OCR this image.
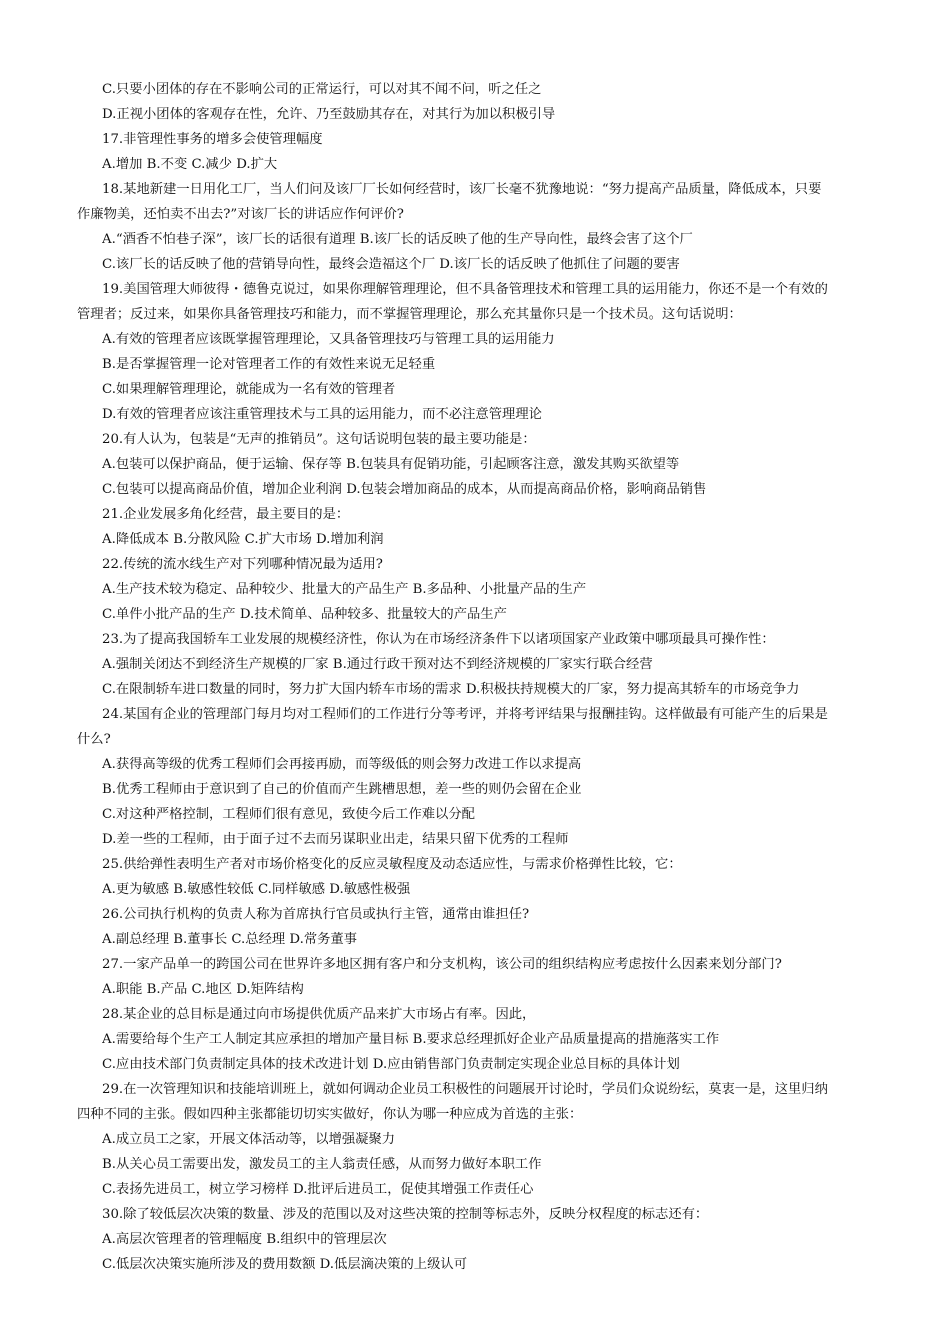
C.只要小团体的存在不影响公司的正常运行，可以对其不闻不问，听之任之
D.正视小团体的客观存在性，允许、乃至鼓励其存在，对其行为加以积极引导
17.非管理性事务的增多会使管理幅度
A.增加 B.不变 C.减少 D.扩大
18.某地新建一日用化工厂，当人们问及该厂厂长如何经营时，该厂长毫不犹豫地说：“努力提高产品质量，降低成本，只要
作廉物美，还怕卖不出去?”对该厂长的讲话应作何评价?
A.“酒香不怕巷子深”，该厂长的话很有道理 B.该厂长的话反映了他的生产导向性，最终会害了这个厂
C.该厂长的话反映了他的营销导向性，最终会造福这个厂 D.该厂长的话反映了他抓住了问题的要害
19.美国管理大师彼得・德鲁克说过，如果你理解管理理论，但不具备管理技术和管理工具的运用能力，你还不是一个有效的
管理者；反过来，如果你具备管理技巧和能力，而不掌握管理理论，那么充其量你只是一个技术员。这句话说明：
A.有效的管理者应该既掌握管理理论，又具备管理技巧与管理工具的运用能力
B.是否掌握管理一论对管理者工作的有效性来说无足轻重
C.如果理解管理理论，就能成为一名有效的管理者
D.有效的管理者应该注重管理技术与工具的运用能力，而不必注意管理理论
20.有人认为，包装是“无声的推销员”。这句话说明包装的最主要功能是：
A.包装可以保护商品，便于运输、保存等 B.包装具有促销功能，引起顾客注意，激发其购买欲望等
C.包装可以提高商品价值，增加企业利润 D.包装会增加商品的成本，从而提高商品价格，影响商品销售
21.企业发展多角化经营，最主要目的是：
A.降低成本 B.分散风险 C.扩大市场 D.增加利润
22.传统的流水线生产对下列哪种情况最为适用?
A.生产技术较为稳定、品种较少、批量大的产品生产 B.多品种、小批量产品的生产
C.单件小批产品的生产 D.技术简单、品种较多、批量较大的产品生产
23.为了提高我国轿车工业发展的规模经济性，你认为在市场经济条件下以诸项国家产业政策中哪项最具可操作性：
A.强制关闭达不到经济生产规模的厂家 B.通过行政干预对达不到经济规模的厂家实行联合经营
C.在限制轿车进口数量的同时，努力扩大国内轿车市场的需求 D.积极扶持规模大的厂家，努力提高其轿车的市场竞争力
24.某国有企业的管理部门每月均对工程师们的工作进行分等考评，并将考评结果与报酬挂钩。这样做最有可能产生的后果是
什么?
A.获得高等级的优秀工程师们会再接再励，而等级低的则会努力改进工作以求提高
B.优秀工程师由于意识到了自己的价值而产生跳槽思想，差一些的则仍会留在企业
C.对这种严格控制，工程师们很有意见，致使今后工作难以分配
D.差一些的工程师，由于面子过不去而另谋职业出走，结果只留下优秀的工程师
25.供给弹性表明生产者对市场价格变化的反应灵敏程度及动态适应性，与需求价格弹性比较，它：
A.更为敏感 B.敏感性较低 C.同样敏感 D.敏感性极强
26.公司执行机构的负责人称为首席执行官员或执行主管，通常由谁担任?
A.副总经理 B.董事长 C.总经理 D.常务董事
27.一家产品单一的跨国公司在世界许多地区拥有客户和分支机构，该公司的组织结构应考虑按什么因素来划分部门?
A.职能 B.产品 C.地区 D.矩阵结构
28.某企业的总目标是通过向市场提供优质产品来扩大市场占有率。因此，
A.需要给每个生产工人制定其应承担的增加产量目标 B.要求总经理抓好企业产品质量提高的措施落实工作
C.应由技术部门负责制定具体的技术改进计划 D.应由销售部门负责制定实现企业总目标的具体计划
29.在一次管理知识和技能培训班上，就如何调动企业员工积极性的问题展开讨论时，学员们众说纷纭，莫衷一是，这里归纳
四种不同的主张。假如四种主张都能切切实实做好，你认为哪一种应成为首选的主张：
A.成立员工之家，开展文体活动等，以增强凝聚力
B.从关心员工需要出发，激发员工的主人翁责任感，从而努力做好本职工作
C.表扬先进员工，树立学习榜样 D.批评后进员工，促使其增强工作责任心
30.除了较低层次决策的数量、涉及的范围以及对这些决策的控制等标志外，反映分权程度的标志还有：
A.高层次管理者的管理幅度 B.组织中的管理层次
C.低层次决策实施所涉及的费用数额 D.低层滴决策的上级认可
